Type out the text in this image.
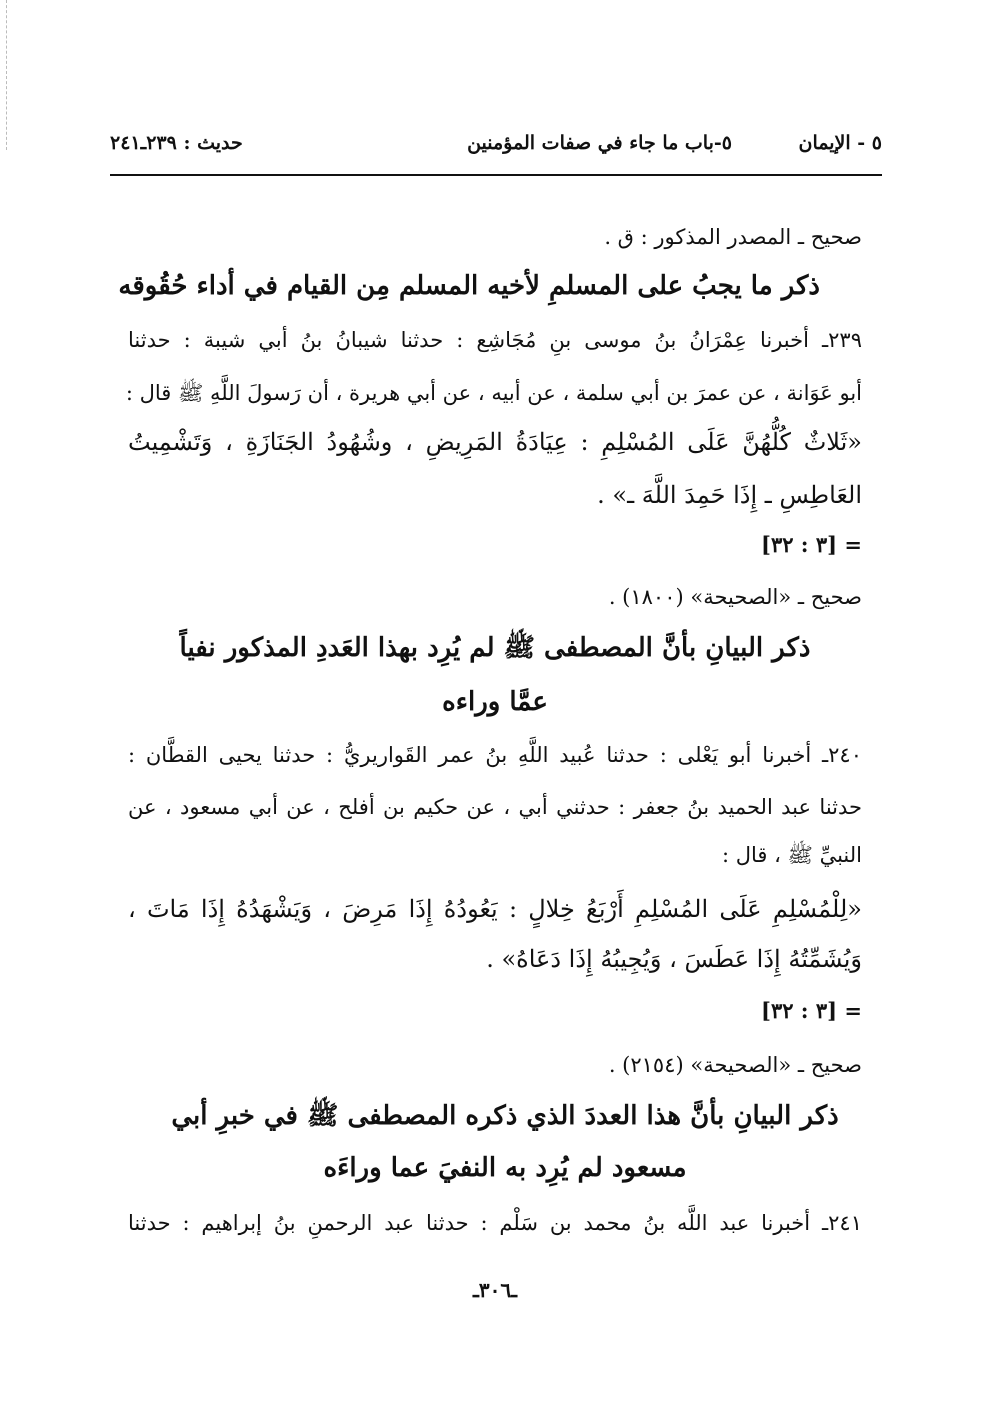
٥ - الإيمان
٥-باب ما جاء في صفات المؤمنين
حديث : ٢٣٩ـ٢٤١
صحيح ـ المصدر المذكور : ق .
ذكر ما يجبُ على المسلمِ لأخيه المسلم مِن القيام في أداء حُقُوقه
٢٣٩ـ أخبرنا عِمْرَانُ بنُ موسى بنِ مُجَاشِع : حدثنا شيبانُ بنُ أبي شيبة : حدثنا
أبو عَوَانة ، عن عمرَ بن أبي سلمة ، عن أبيه ، عن أبي هريرة ، أن رَسولَ اللَّهِ ﷺ قال :
«ثَلاثٌ كُلُّهُنَّ عَلَى المُسْلِمِ : عِيَادَةُ المَرِيضِ ، وشُهُودُ الجَنَازَةِ ، وَتَشْمِيتُ
العَاطِسِ ـ إِذَا حَمِدَ اللَّهَ ـ» .
= [٣ : ٣٢]
صحيح ـ «الصحيحة» (١٨٠٠) .
ذكر البيانِ بأنَّ المصطفى ﷺ لم يُرِد بهذا العَددِ المذكور نفياً
عمَّا وراءه
٢٤٠ـ أخبرنا أبو يَعْلى : حدثنا عُبيد اللَّهِ بنُ عمر القَواريريُّ : حدثنا يحيى القطَّان :
حدثنا عبد الحميد بنُ جعفر : حدثني أبي ، عن حكيم بن أفلح ، عن أبي مسعود ، عن
النبيِّ ﷺ ، قال :
«لِلْمُسْلِمِ عَلَى المُسْلِمِ أَرْبَعُ خِلالٍ : يَعُودُهُ إِذَا مَرِضَ ، وَيَشْهَدُهُ إِذَا مَاتَ ،
وَيُشَمِّتُهُ إِذَا عَطَسَ ، وَيُجِيبُهُ إِذَا دَعَاهُ» .
= [٣ : ٣٢]
صحيح ـ «الصحيحة» (٢١٥٤) .
ذكر البيانِ بأنَّ هذا العددَ الذي ذكره المصطفى ﷺ في خبرِ أبي
مسعود لم يُرِد به النفيَ عما وراءَه
٢٤١ـ أخبرنا عبد اللَّه بنُ محمد بن سَلْم : حدثنا عبد الرحمنِ بنُ إبراهيم : حدثنا
ـ٣٠٦ـ
